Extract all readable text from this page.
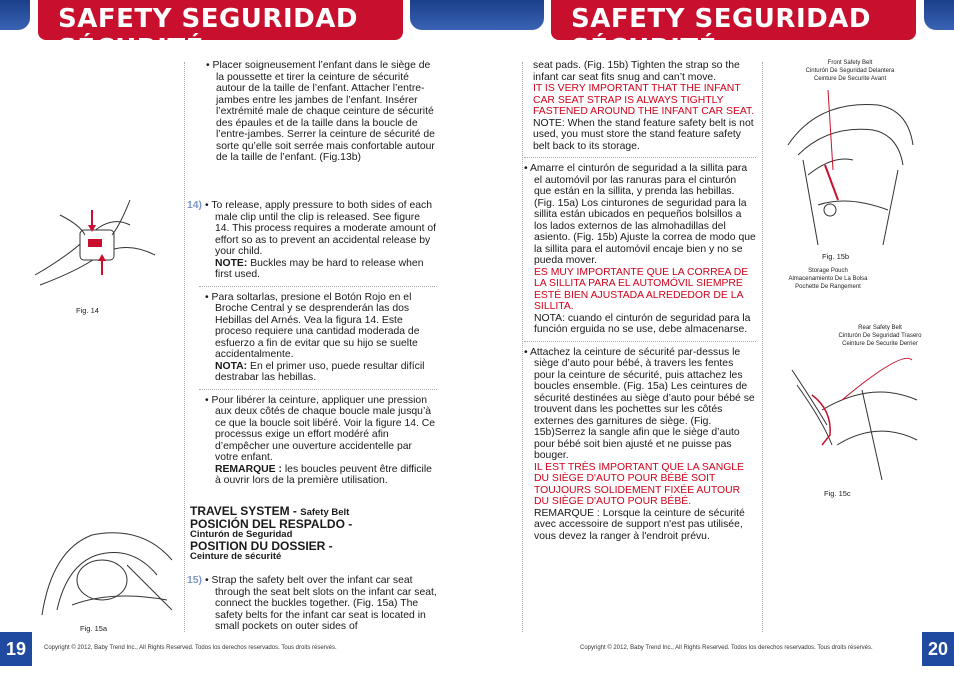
SAFETY SEGURIDAD SÉCURITÉ
SAFETY SEGURIDAD SÉCURITÉ
Fig. 14
Fig. 15a

• Placer soigneusement l’enfant dans le siège de la poussette et tirer la ceinture de sécurité autour de la taille de l’enfant. Attacher l’entre-jambes entre les jambes de l’enfant. Insérer l’extrémité male de chaque ceinture de sécurité des épaules et de la taille dans la boucle de l’entre-jambes. Serrer la ceinture de sécurité de sorte qu’elle soit serrée mais confortable autour de la taille de l’enfant. (Fig.13b)

14) • To release, apply pressure to both sides of each male clip until the clip is released. See figure 14. This process requires a moderate amount of effort so as to prevent an accidental release by your child.

NOTE: Buckles may be hard to release when first used.

• Para soltarlas, presione el Botón Rojo en el Broche Central y se desprenderán las dos Hebillas del Arnés. Vea la figura 14. Este proceso requiere una cantidad moderada de esfuerzo a fin de evitar que su hijo se suelte accidentalmente.

NOTA: En el primer uso, puede resultar difícil destrabar las hebillas.

• Pour libérer la ceinture, appliquer une pression aux deux côtés de chaque boucle male jusqu’à ce que la boucle soit libéré. Voir la figure 14. Ce processus exige un effort modéré afin d’empêcher une ouverture accidentelle par votre enfant.

REMARQUE : les boucles peuvent être difficile à ouvrir lors de la première utilisation.

TRAVEL SYSTEM - Safety Belt
POSICIÓN DEL RESPALDO -
Cinturón de Seguridad
POSITION DU DOSSIER -
Ceinture de sécurité
15) • Strap the safety belt over the infant car seat through the seat belt slots on the infant car seat, connect the buckles together. (Fig. 15a) The safety belts for the infant car seat is located in small pockets on outer sides of

seat pads. (Fig. 15b) Tighten the strap so the infant car seat fits snug and can’t move.

IT IS VERY IMPORTANT THAT THE INFANT CAR SEAT STRAP IS ALWAYS TIGHTLY FASTENED AROUND THE INFANT CAR SEAT.

NOTE: When the stand feature safety belt is not used, you must store the stand feature safety belt back to its storage.

• Amarre el cinturón de seguridad a la sillita para el automóvil por las ranuras para el cinturón que están en la sillita, y prenda las hebillas. (Fig. 15a) Los cinturones de seguridad para la sillita están ubicados en pequeños bolsillos a los lados externos de las almohadillas del asiento. (Fig. 15b) Ajuste la correa de modo que la sillita para el automóvil encaje bien y no se pueda mover.

ES MUY IMPORTANTE QUE LA CORREA DE LA SILLITA PARA EL AUTOMÓVIL SIEMPRE ESTÉ BIEN AJUSTADA ALREDEDOR DE LA SILLITA.

NOTA: cuando el cinturón de seguridad para la función erguida no se use, debe almacenarse.

• Attachez la ceinture de sécurité par-dessus le siège d’auto pour bébé, à travers les fentes pour la ceinture de sécurité, puis attachez les boucles ensemble. (Fig. 15a) Les ceintures de sécurité destinées au siège d’auto pour bébé se trouvent dans les pochettes sur les côtés externes des garnitures de siège. (Fig. 15b)Serrez la sangle afin que le siège d’auto pour bébé soit bien ajusté et ne puisse pas bouger.

IL EST TRÈS IMPORTANT QUE LA SANGLE DU SIÈGE D'AUTO POUR BÉBÉ SOIT TOUJOURS SOLIDEMENT FIXÉE AUTOUR DU SIÈGE D'AUTO POUR BÉBÉ.

REMARQUE : Lorsque la ceinture de sécurité avec accessoire de support n'est pas utilisée, vous devez la ranger à l'endroit prévu.

Front Safety Belt
Cinturón De Seguridad Delantera
Ceinture De Securite Avant
Fig. 15b
Storage Pouch
Almacenamiento De La Bolsa
Pochette De Rangement
Rear Safety Belt
Cinturón De Seguridad Trasero
Ceinture De Securite Derrier
Fig. 15c
19	20
Copyright © 2012, Baby Trend Inc., All Rights Reserved. Todos los derechos reservados. Tous droits réservés.	Copyright © 2012, Baby Trend Inc., All Rights Reserved. Todos los derechos reservados. Tous droits réservés.
